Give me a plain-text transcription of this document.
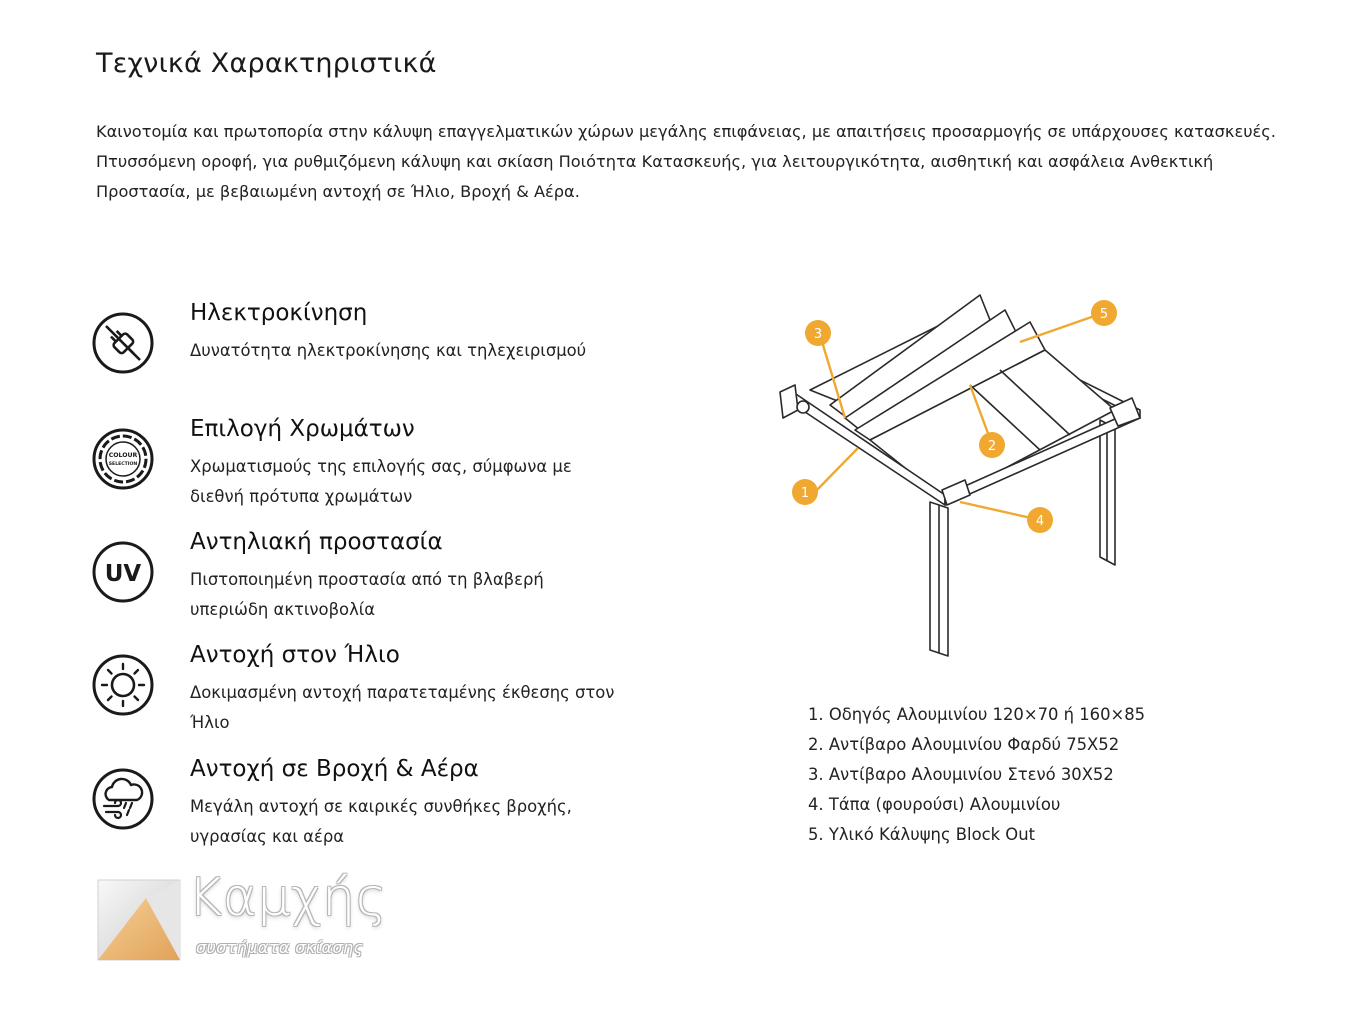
Τεχνικά Χαρακτηριστικά

Καινοτομία και πρωτοπορία στην κάλυψη επαγγελματικών χώρων μεγάλης επιφάνειας, με απαιτήσεις προσαρμογής σε υπάρχουσες κατασκευές. Πτυσσόμενη οροφή, για ρυθμιζόμενη κάλυψη και σκίαση Ποιότητα Κατασκευής, για λειτουργικότητα, αισθητική και ασφάλεια Ανθεκτική Προστασία, με βεβαιωμένη αντοχή σε Ήλιο, Βροχή & Αέρα.

Ηλεκτροκίνηση
Δυνατότητα ηλεκτροκίνησης και τηλεχειρισμού
COLOUR
SELECTION
Επιλογή Χρωμάτων
Χρωματισμούς της επιλογής σας, σύμφωνα με διεθνή πρότυπα χρωμάτων
UV
Αντηλιακή προστασία
Πιστοποιημένη προστασία από τη βλαβερή υπεριώδη ακτινοβολία
Αντοχή στον Ήλιο
Δοκιμασμένη αντοχή παρατεταμένης έκθεσης στον Ήλιο
Αντοχή σε Βροχή & Αέρα
Μεγάλη αντοχή σε καιρικές συνθήκες βροχής, υγρασίας και αέρα
1
2
3
4
5
1. Οδηγός Αλουμινίου 120×70 ή 160×85
2. Αντίβαρο Αλουμινίου Φαρδύ 75Χ52
3. Αντίβαρο Αλουμινίου Στενό 30Χ52
4. Τάπα (φουρούσι) Αλουμινίου
5. Υλικό Κάλυψης Block Out
Καμχής
συστήματα σκίασης
